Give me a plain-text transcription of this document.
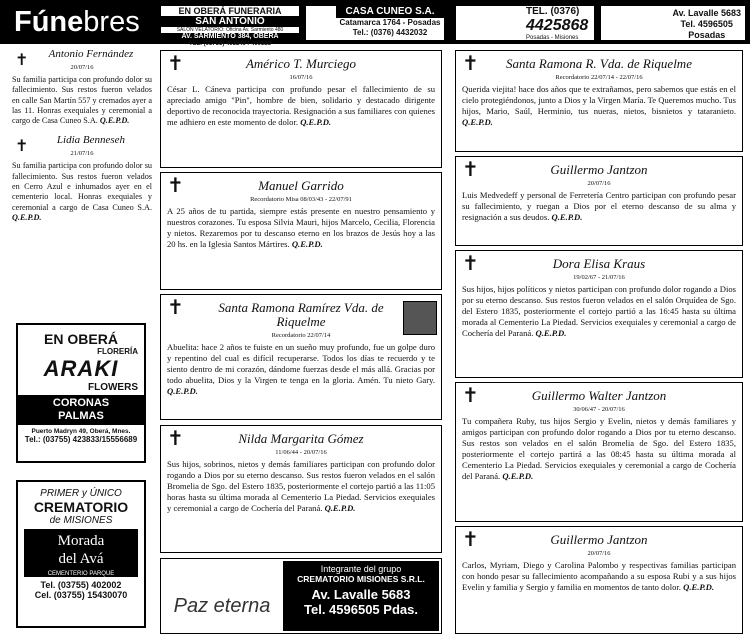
Fúnebres	EN OBERÁ FUNERARIA
SAN ANTONIO
SALON VELATORIO: Oficina Av. Sarmiento 480
AV. SARMIENTO 384, OBERÁ
TEL. (03755) 403249 / 409328
CASA CUNEO S.A.
Catamarca 1764 - Posadas
Tel.: (0376) 4432032
TEL. (0376)
4425868
Posadas - Misiones
Av. Lavalle 5683
Tel. 4596505
Posadas
✝	Antonio Fernández
20/07/16
Su familia participa con profundo dolor su fallecimiento. Sus restos fueron velados en calle San Martín 557 y cremados ayer a las 11. Honras exequiales y ceremonial a cargo de Casa Cuneo S.A. Q.E.P.D.
✝	Lidia Benneseh
21/07/16
Su familia participa con profundo dolor su fallecimiento. Sus restos fueron velados en Cerro Azul e inhumados ayer en el cementerio local. Honras exequiales y ceremonial a cargo de Casa Cuneo S.A. Q.E.P.D.
EN OBERÁ
FLORERÍA
ARAKI
FLOWERS
CORONAS
PALMAS
Puerto Madryn 49, Oberá, Mnes.
Tel.: (03755) 423833/15556689
PRIMER y ÚNICO
CREMATORIO
de MISIONES
Morada
del Avá
CEMENTERIO PARQUE
Tel. (03755) 402002
Cel. (03755) 15430070
✝	Américo T. Murciego
16/07/16
César L. Cáneva participa con profundo pesar el fallecimiento de su apreciado amigo "Pin", hombre de bien, solidario y destacado dirigente deportivo de reconocida trayectoria. Resignación a sus familiares con quienes me adhiero en este momento de dolor. Q.E.P.D.
✝	Manuel Garrido
Recordatorio Misa 08/03/43 - 22/07/91
A 25 años de tu partida, siempre estás presente en nuestro pensamiento y nuestros corazones. Tu esposa Silvia Mauri, hijos Marcelo, Cecilia, Florencia y nietos. Rezaremos por tu descanso eterno en los brazos de Jesús hoy a las 20 hs. en la Iglesia Santos Mártires. Q.E.P.D.
✝	Santa Ramona Ramírez Vda. de Riquelme
Recordatorio 22/07/14
Abuelita: hace 2 años te fuiste en un sueño muy profundo, fue un golpe duro y repentino del cual es difícil recuperarse. Todos los días te recuerdo y te siento dentro de mi corazón, dándome fuerzas desde el más allá. Gracias por todo abuelita, Dios y la Virgen te tenga en la gloria. Amén. Tu nieto Gary. Q.E.P.D.
✝	Nilda Margarita Gómez
11/06/44 - 20/07/16
Sus hijos, sobrinos, nietos y demás familiares participan con profundo dolor rogando a Dios por su eterno descanso. Sus restos fueron velados en el salón Bromelia de Sgo. del Estero 1835, posteriormente el cortejo partió a las 11:05 horas hasta su última morada al Cementerio La Piedad. Servicios exequiales y ceremonial a cargo de Cochería del Paraná. Q.E.P.D.
Paz eterna
Integrante del grupo
CREMATORIO MISIONES S.R.L.
Av. Lavalle 5683
Tel. 4596505 Pdas.
✝	Santa Ramona R. Vda. de Riquelme
Recordatorio 22/07/14 - 22/07/16
Querida viejita! hace dos años que te extrañamos, pero sabemos que estás en el cielo protegiéndonos, junto a Dios y la Virgen María. Te Queremos mucho. Tus hijos, Mario, Saúl, Herminio, tus nueras, nietos, bisnietos y tataranieto. Q.E.P.D.
✝	Guillermo Jantzon
20/07/16
Luis Medvedeff y personal de Ferretería Centro participan con profundo pesar su fallecimiento, y ruegan a Dios por el eterno descanso de su alma y resignación a sus deudos. Q.E.P.D.
✝	Dora Elisa Kraus
19/02/67 - 21/07/16
Sus hijos, hijos políticos y nietos participan con profundo dolor rogando a Dios por su eterno descanso. Sus restos fueron velados en el salón Orquídea de Sgo. del Estero 1835, posteriormente el cortejo partió a las 16:45 hasta su última morada al Cementerio La Piedad. Servicios exequiales y ceremonial a cargo de Cochería del Paraná. Q.E.P.D.
✝	Guillermo Walter Jantzon
30/06/47 - 20/07/16
Tu compañera Ruby, tus hijos Sergio y Evelin, nietos y demás familiares y amigos participan con profundo dolor rogando a Dios por tu eterno descanso. Sus restos son velados en el salón Bromelia de Sgo. del Estero 1835, posteriormente el cortejo partirá a las 08:45 hasta su última morada al Cementerio La Piedad. Servicios exequiales y ceremonial a cargo de Cochería del Paraná. Q.E.P.D.
✝	Guillermo Jantzon
20/07/16
Carlos, Myriam, Diego y Carolina Palombo y respectivas familias participan con hondo pesar su fallecimiento acompañando a su esposa Rubi y a sus hijos Evelin y familia y Sergio y familia en momentos de tanto dolor. Q.E.P.D.
